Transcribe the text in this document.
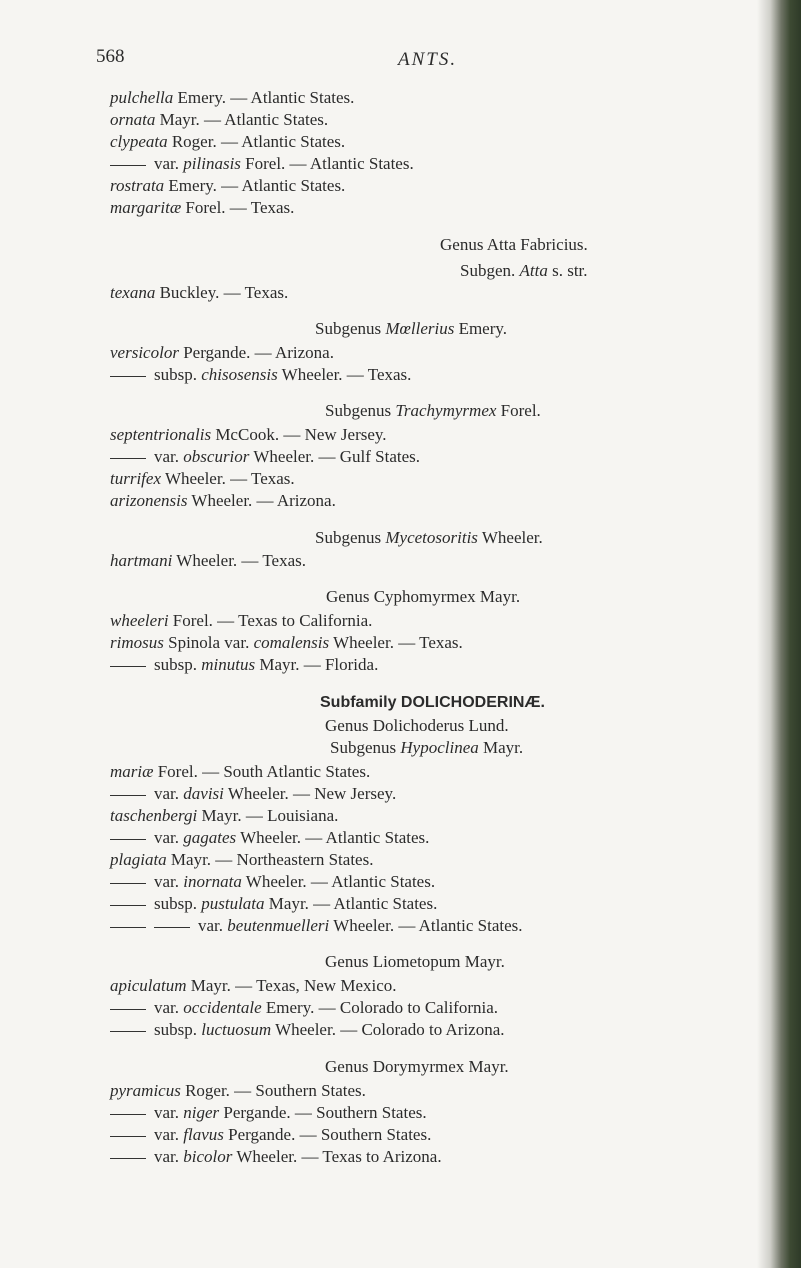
568	ANTS.
pulchella Emery. — Atlantic States.
ornata Mayr. — Atlantic States.
clypeata Roger. — Atlantic States.
var. pilinasis Forel. — Atlantic States.
rostrata Emery. — Atlantic States.
margaritæ Forel. — Texas.
Genus Atta Fabricius.
Subgen. Atta s. str.
texana Buckley. — Texas.
Subgenus Mœllerius Emery.
versicolor Pergande. — Arizona.
subsp. chisosensis Wheeler. — Texas.
Subgenus Trachymyrmex Forel.
septentrionalis McCook. — New Jersey.
var. obscurior Wheeler. — Gulf States.
turrifex Wheeler. — Texas.
arizonensis Wheeler. — Arizona.
Subgenus Mycetosoritis Wheeler.
hartmani Wheeler. — Texas.
Genus Cyphomyrmex Mayr.
wheeleri Forel. — Texas to California.
rimosus Spinola var. comalensis Wheeler. — Texas.
subsp. minutus Mayr. — Florida.
Subfamily DOLICHODERINÆ.
Genus Dolichoderus Lund.
Subgenus Hypoclinea Mayr.
mariæ Forel. — South Atlantic States.
var. davisi Wheeler. — New Jersey.
taschenbergi Mayr. — Louisiana.
var. gagates Wheeler. — Atlantic States.
plagiata Mayr. — Northeastern States.
var. inornata Wheeler. — Atlantic States.
subsp. pustulata Mayr. — Atlantic States.
var. beutenmuelleri Wheeler. — Atlantic States.
Genus Liometopum Mayr.
apiculatum Mayr. — Texas, New Mexico.
var. occidentale Emery. — Colorado to California.
subsp. luctuosum Wheeler. — Colorado to Arizona.
Genus Dorymyrmex Mayr.
pyramicus Roger. — Southern States.
var. niger Pergande. — Southern States.
var. flavus Pergande. — Southern States.
var. bicolor Wheeler. — Texas to Arizona.
